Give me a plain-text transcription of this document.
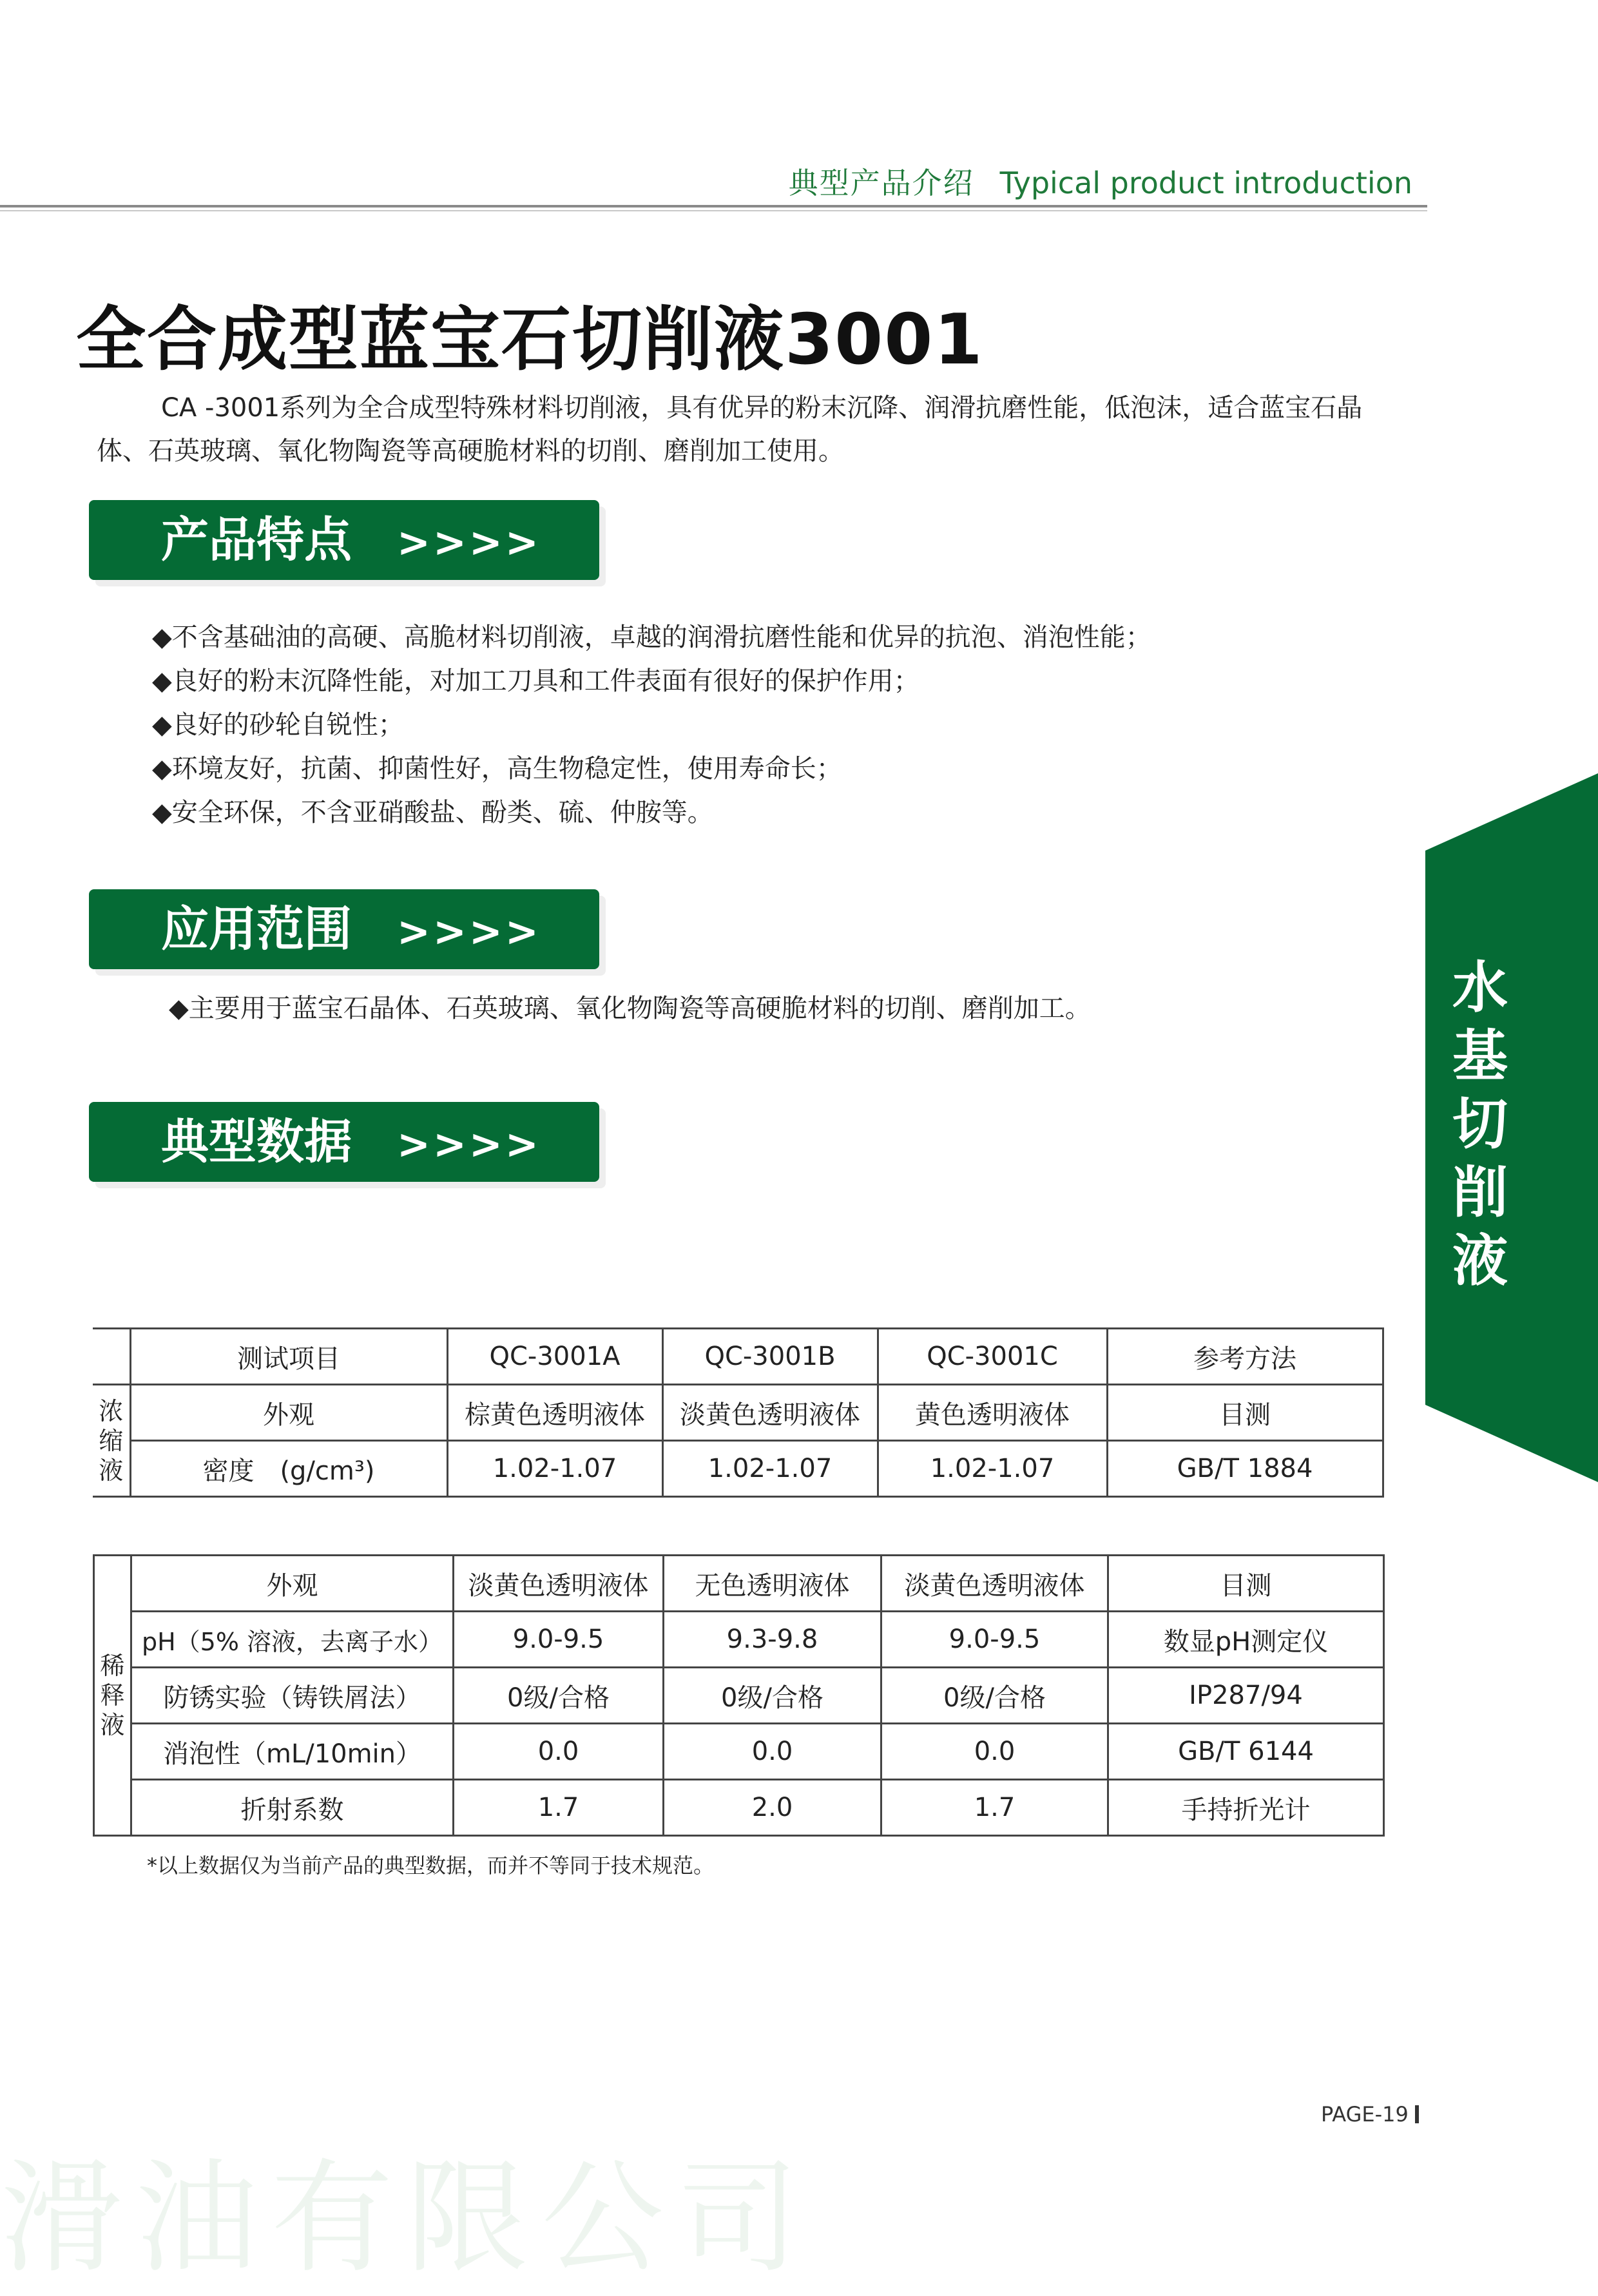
典型产品介绍 Typical product introduction
全合成型蓝宝石切削液3001
CA -3001系列为全合成型特殊材料切削液，具有优异的粉末沉降、润滑抗磨性能，低泡沫，适合蓝宝石晶体、石英玻璃、氧化物陶瓷等高硬脆材料的切削、磨削加工使用。
产品特点 >>>>
◆不含基础油的高硬、高脆材料切削液，卓越的润滑抗磨性能和优异的抗泡、消泡性能；
◆良好的粉末沉降性能，对加工刀具和工件表面有很好的保护作用；
◆良好的砂轮自锐性；
◆环境友好，抗菌、抑菌性好，高生物稳定性，使用寿命长；
◆安全环保，不含亚硝酸盐、酚类、硫、仲胺等。
应用范围 >>>>
◆主要用于蓝宝石晶体、石英玻璃、氧化物陶瓷等高硬脆材料的切削、磨削加工。
典型数据 >>>>
水
基
切
削
液
	测试项目	QC-3001A	QC-3001B	QC-3001C	参考方法

浓
缩
液	外观	棕黄色透明液体	淡黄色透明液体	黄色透明液体	目测
	密度　(g/cm³)	1.02-1.07	1.02-1.07	1.02-1.07	GB/T 1884
稀
释
液	外观	淡黄色透明液体	无色透明液体	淡黄色透明液体	目测
	pH（5% 溶液，去离子水）	9.0-9.5	9.3-9.8	9.0-9.5	数显pH测定仪
	防锈实验（铸铁屑法）	0级/合格	0级/合格	0级/合格	IP287/94
	消泡性（mL/10min）	0.0	0.0	0.0	GB/T 6144
	折射系数	1.7	2.0	1.7	手持折光计
*以上数据仅为当前产品的典型数据，而并不等同于技术规范。
PAGE-19
滑油有限公司
